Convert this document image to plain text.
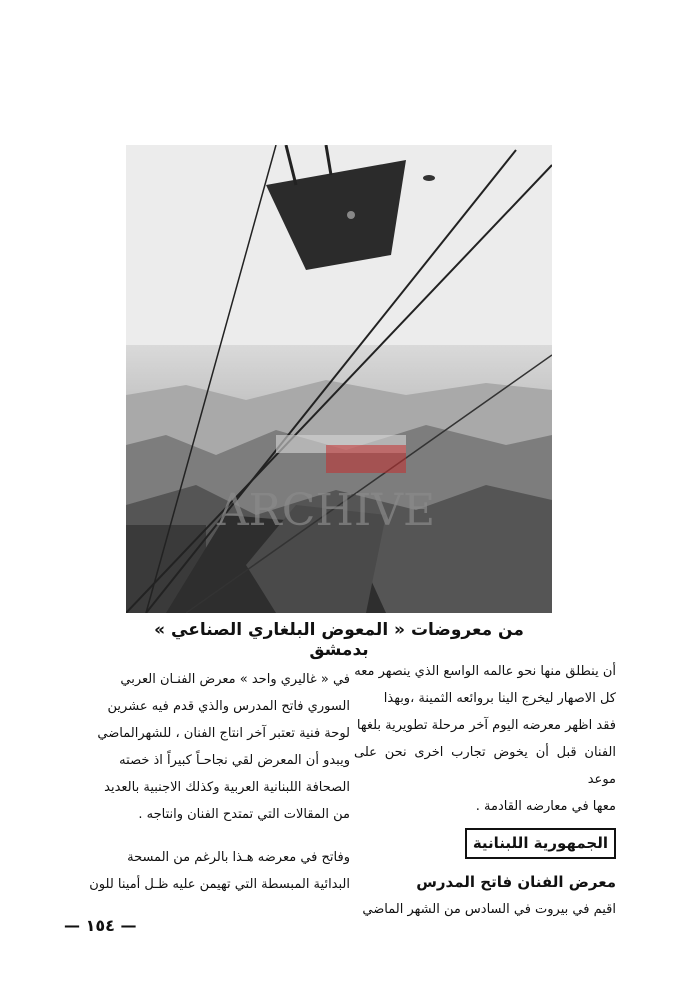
ARCHIVE
من معروضات « المعوض البلغاري الصناعي » بدمشق

أن ينطلق منها نحو عالمه الواسع الذي ينصهر معه

كل الاصهار ليخرج الينا بروائعه الثمينة ،وبهذا

فقد اظهر معرضه اليوم آخر مرحلة تطويرية بلغها

الفنان قبل أن يخوض تجارب اخرى نحن على موعد

معها في معارضه القادمة .

الجمهورية اللبنانية

معرض الفنان فاتح المدرس

اقيم في بيروت في السادس من الشهر الماضي

في « غاليري واحد » معرض الفنـان العربي

السوري فاتح المدرس والذي قدم فيه عشرين

لوحة فنية تعتبر آخر انتاج الفنان ، للشهرالماضي

ويبدو أن المعرض لقي نجاحـاً كبيراً اذ خصته

الصحافة اللبنانية العربية وكذلك الاجنبية بالعديد

من المقالات التي تمتدح الفنان وانتاجه .

وفاتح في معرضه هـذا بالرغم من المسحة

البدائية المبسطة التي تهيمن عليه ظـل أمينا للون

— ١٥٤ —
